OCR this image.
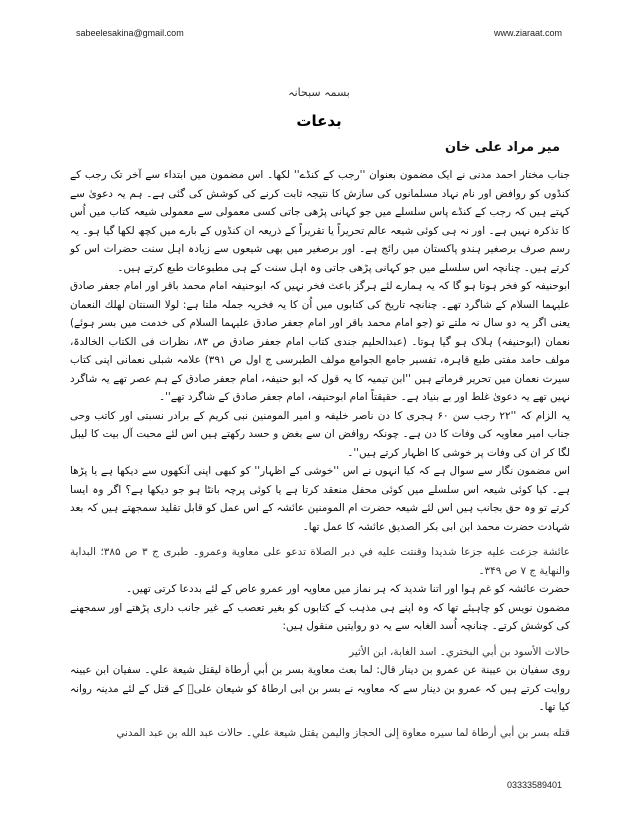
sabeelesakina@gmail.com	www.ziaraat.com
بسمہ سبحانہ
بدعات
میر مراد علی خان

جناب مختار احمد مدنی نے ایک مضمون بعنوان ''رجب کے کنڈے'' لکھا۔ اس مضمون میں ابتداء سے آخر تک رجب کے کنڈوں کو روافض اور نام نہاد مسلمانوں کی سازش کا نتیجہ ثابت کرنے کی کوشش کی گئی ہے۔ ہم یہ دعویٰ سے کہتے ہیں کہ رجب کے کنڈے پاس سلسلے میں جو کہانی پڑھی جاتی کسی معمولی سے معمولی شیعہ کتاب میں اُس کا تذکرہ نہیں ہے۔ اور نہ ہی کوئی شیعہ عالم تحریراً یا تقریراً کے ذریعہ ان کنڈوں کے بارے میں کچھ لکھا گیا ہو۔ یہ رسم صرف برصغیر ہندو پاکستان میں رائج ہے۔ اور برصغیر میں بھی شیعوں سے زیادہ اہل سنت حضرات اس کو کرتے ہیں۔ چنانچہ اس سلسلے میں جو کہانی پڑھی جاتی وہ اہل سنت کے ہی مطبوعات طبع کرتے ہیں۔

ابوحنیفہ کو فخر ہوتا ہو گا کہ یہ ہمارے لئے ہرگز باعث فخر نہیں کہ ابوحنیفہ امام محمد باقر اور امام جعفر صادق علیہما السلام کے شاگرد تھے۔ چنانچہ تاریخ کی کتابوں میں اُن کا یہ فخریہ جملہ ملتا ہے: لولا السنتان لهلك النعمان یعنی اگر یہ دو سال نہ ملتے تو (جو امام محمد باقر اور امام جعفر صادق علیہما السلام کی خدمت میں بسر ہوئے) نعمان (ابوحنیفہ) ہلاک ہو گیا ہوتا۔ (عبدالحلیم جندی کتاب امام جعفر صادق ص ۸۳، نظرات فی الکتاب الخالدۃ، مولف حامد مفتی طبع قاہرہ، تفسیر جامع الجوامع مولف الطبرسی ج اول ص ۳۹۱) علامہ شبلی نعمانی اپنی کتاب سیرت نعمان میں تحریر فرماتے ہیں ''ابن تیمیہ کا یہ قول کہ ابو حنیفہ، امام جعفر صادق کے ہم عصر تھے یہ شاگرد نہیں تھے یہ دعویٰ غلط اور بے بنیاد ہے۔ حقیقتاً امام ابوحنیفہ، امام جعفر صادق کے شاگرد تھے''۔

یہ الزام کہ ''۲۲ رجب سن ۶۰ ہجری کا دن ناصر خلیفہ و امیر المومنین نبی کریم کے برادر نسبتی اور کاتب وحی جناب امیر معاویہ کی وفات کا دن ہے۔ چونکہ روافض ان سے بغض و حسد رکھتے ہیں اس لئے محبت آل بیت کا لیبل لگا کر ان کی وفات پر خوشی کا اظہار کرتے ہیں''۔

اس مضمون نگار سے سوال ہے کہ کیا انہوں نے اس ''خوشی کے اظہار'' کو کبھی اپنی آنکھوں سے دیکھا ہے یا پڑھا ہے۔ کیا کوئی شیعہ اس سلسلے میں کوئی محفل منعقد کرتا ہے یا کوئی پرچہ بانٹا ہو جو دیکھا ہے؟ اگر وہ ایسا کرتے تو وہ حق بجانب ہیں اس لئے شیعہ حضرت ام المومنین عائشہ کے اس عمل کو قابل تقلید سمجھتے ہیں کہ بعد شہادت حضرت محمد ابن ابی بکر الصدیق عائشہ کا عمل تھا۔

عائشة جزعت عليه جزعا شديدا وقنتت عليه في دبر الصلاة تدعو على معاوية وعمرو۔ طبری ج ۳ ص ۳۸۵؛ البداية والنهاية ج ۷ ص ۳۴۹۔

حضرت عائشہ کو غم ہوا اور اتنا شدید کہ ہر نماز میں معاویہ اور عمرو عاص کے لئے بددعا کرتی تھیں۔

مضمون نویس کو چاہیئے تھا کہ وہ اپنے ہی مذہب کے کتابوں کو بغیر تعصب کے غیر جانب داری پڑھتے اور سمجھنے کی کوشش کرتے۔ چنانچہ اُسد الغابہ سے یہ دو روایتیں منقول ہیں:

حالات الأسود بن أبي البختري۔ اسد الغابة، ابن الأثير

روی سفيان بن عيينة عن عمرو بن دينار قال: لما بعث معاوية بسر بن أبي أرطاة ليقتل شيعة علي۔ سفیان ابن عیینہ روایت کرتے ہیں کہ عمرو بن دینار سے کہ معاویہ نے بسر بن ابی ارطاۃ کو شیعان علیؑ کے قتل کے لئے مدینہ روانہ کیا تھا۔

قتله بسر بن أبي أرطاة لما سيره معاوة إلى الحجاز واليمن يقتل شيعة علي۔ حالات عبد الله بن عبد المدني

03333589401
